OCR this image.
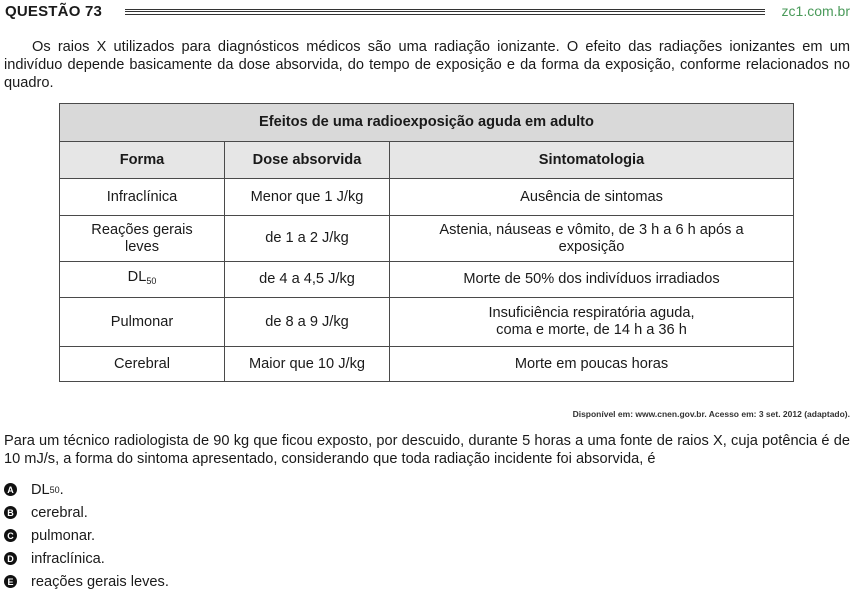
QUESTÃO 73	zc1.com.br

Os raios X utilizados para diagnósticos médicos são uma radiação ionizante. O efeito das radiações ionizantes em um indivíduo depende basicamente da dose absorvida, do tempo de exposição e da forma da exposição, conforme relacionados no quadro.

Efeitos de uma radioexposição aguda em adulto		
Forma	Dose absorvida	Sintomatologia
Infraclínica	Menor que 1 J/kg	Ausência de sintomas
Reações gerais leves	de 1 a 2 J/kg	Astenia, náuseas e vômito, de 3 h a 6 h após a exposição
$DL_{50}$	de 4 a 4,5 J/kg	Morte de 50% dos indivíduos irradiados
Pulmonar	de 8 a 9 J/kg	Insuficiência respiratória aguda, coma e morte, de 14 h a 36 h
Cerebral	Maior que 10 J/kg	Morte em poucas horas
Disponível em: www.cnen.gov.br. Acesso em: 3 set. 2012 (adaptado).

Para um técnico radiologista de 90 kg que ficou exposto, por descuido, durante 5 horas a uma fonte de raios X, cuja potência é de 10 mJ/s, a forma do sintoma apresentado, considerando que toda radiação incidente foi absorvida, é

A DL 50 .
B cerebral.
C pulmonar.
D infraclínica.
E reações gerais leves.
